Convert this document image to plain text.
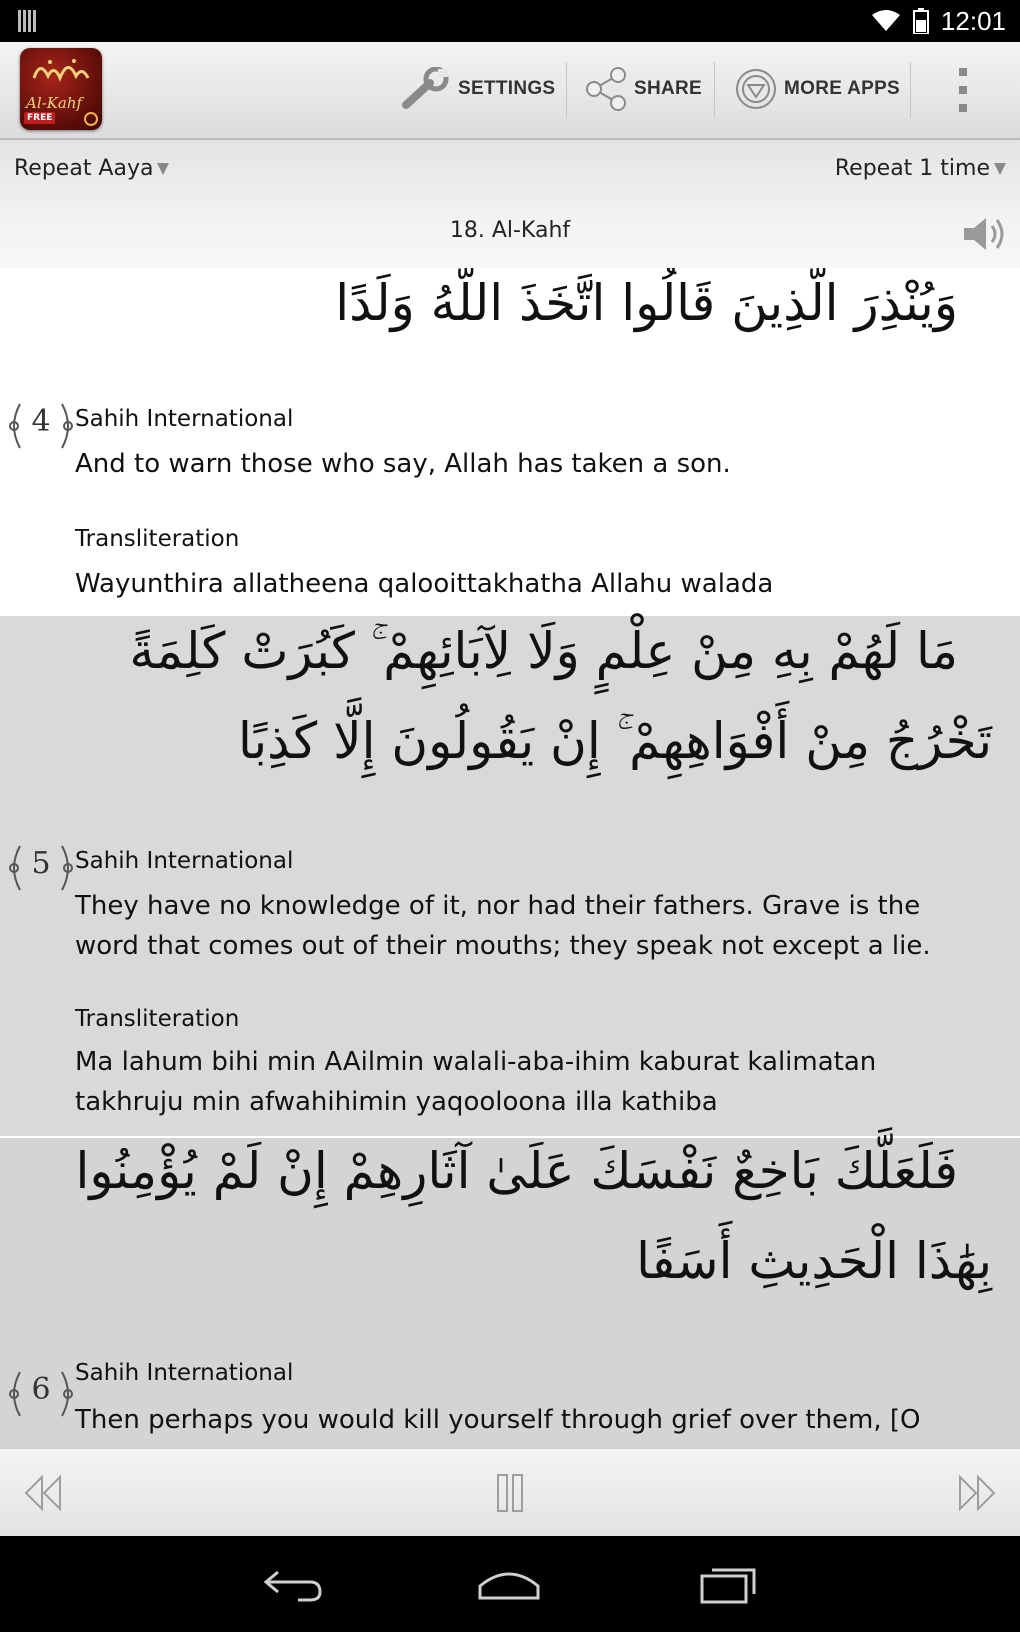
12:01
Al-Kahf
FREE
SETTINGS	SHARE	MORE APPS
Repeat Aaya	Repeat 1 time
18. Al-Kahf
وَيُنْذِرَ الَّذِينَ قَالُوا اتَّخَذَ اللَّهُ وَلَدًا
4	Sahih International
And to warn those who say, Allah has taken a son.
Transliteration
Wayunthira allatheena qalooittakhatha Allahu walada
مَا لَهُمْ بِهِ مِنْ عِلْمٍ وَلَا لِآبَائِهِمْ ۚ كَبُرَتْ كَلِمَةً
تَخْرُجُ مِنْ أَفْوَاهِهِمْ ۚ إِنْ يَقُولُونَ إِلَّا كَذِبًا
5	Sahih International
They have no knowledge of it, nor had their fathers. Grave is the
word that comes out of their mouths; they speak not except a lie.
Transliteration
Ma lahum bihi min AAilmin walali-aba-ihim kaburat kalimatan
takhruju min afwahihimin yaqooloona illa kathiba
فَلَعَلَّكَ بَاخِعٌ نَفْسَكَ عَلَىٰ آثَارِهِمْ إِنْ لَمْ يُؤْمِنُوا
بِهَٰذَا الْحَدِيثِ أَسَفًا
6	Sahih International
Then perhaps you would kill yourself through grief over them, [O
